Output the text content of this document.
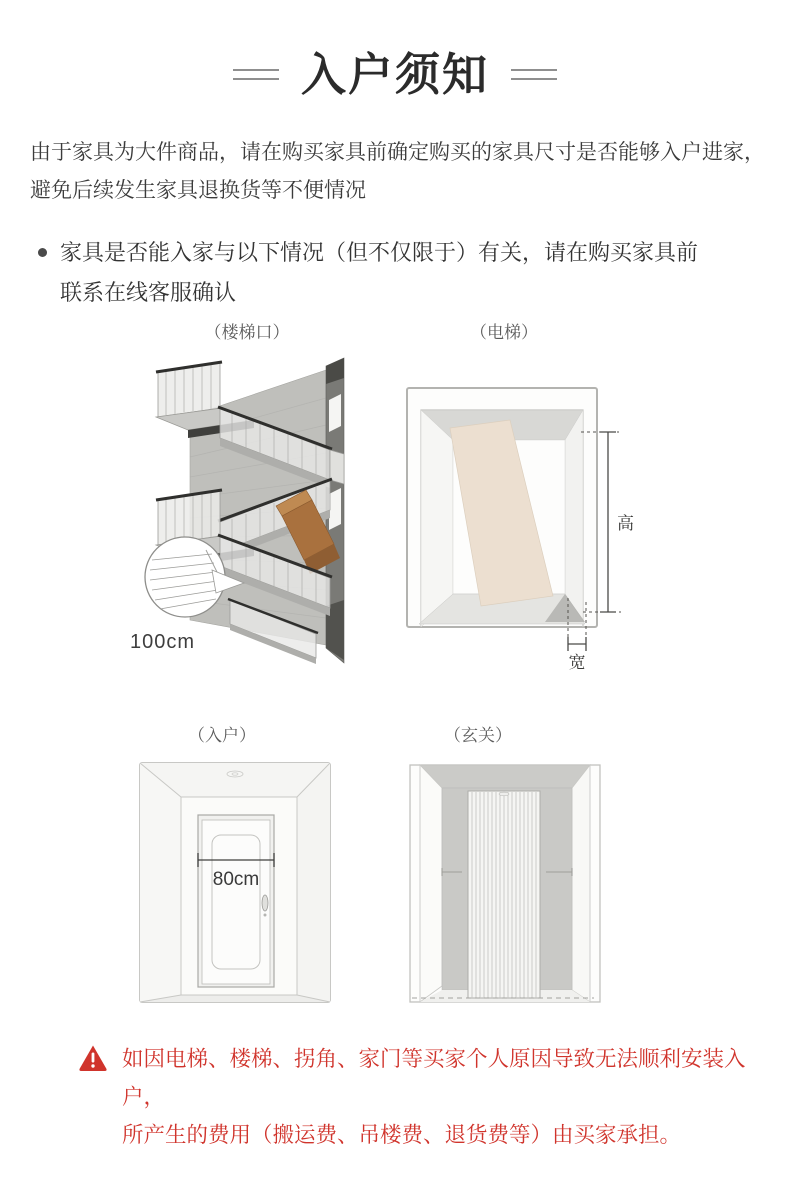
入户须知
由于家具为大件商品，请在购买家具前确定购买的家具尺寸是否能够入户进家，
避免后续发生家具退换货等不便情况
家具是否能入家与以下情况（但不仅限于）有关，请在购买家具前
联系在线客服确认
（楼梯口）	（电梯）
（入户）	（玄关）
100cm
高
宽
80cm
如因电梯、楼梯、拐角、家门等买家个人原因导致无法顺利安装入户，
所产生的费用（搬运费、吊楼费、退货费等）由买家承担。
